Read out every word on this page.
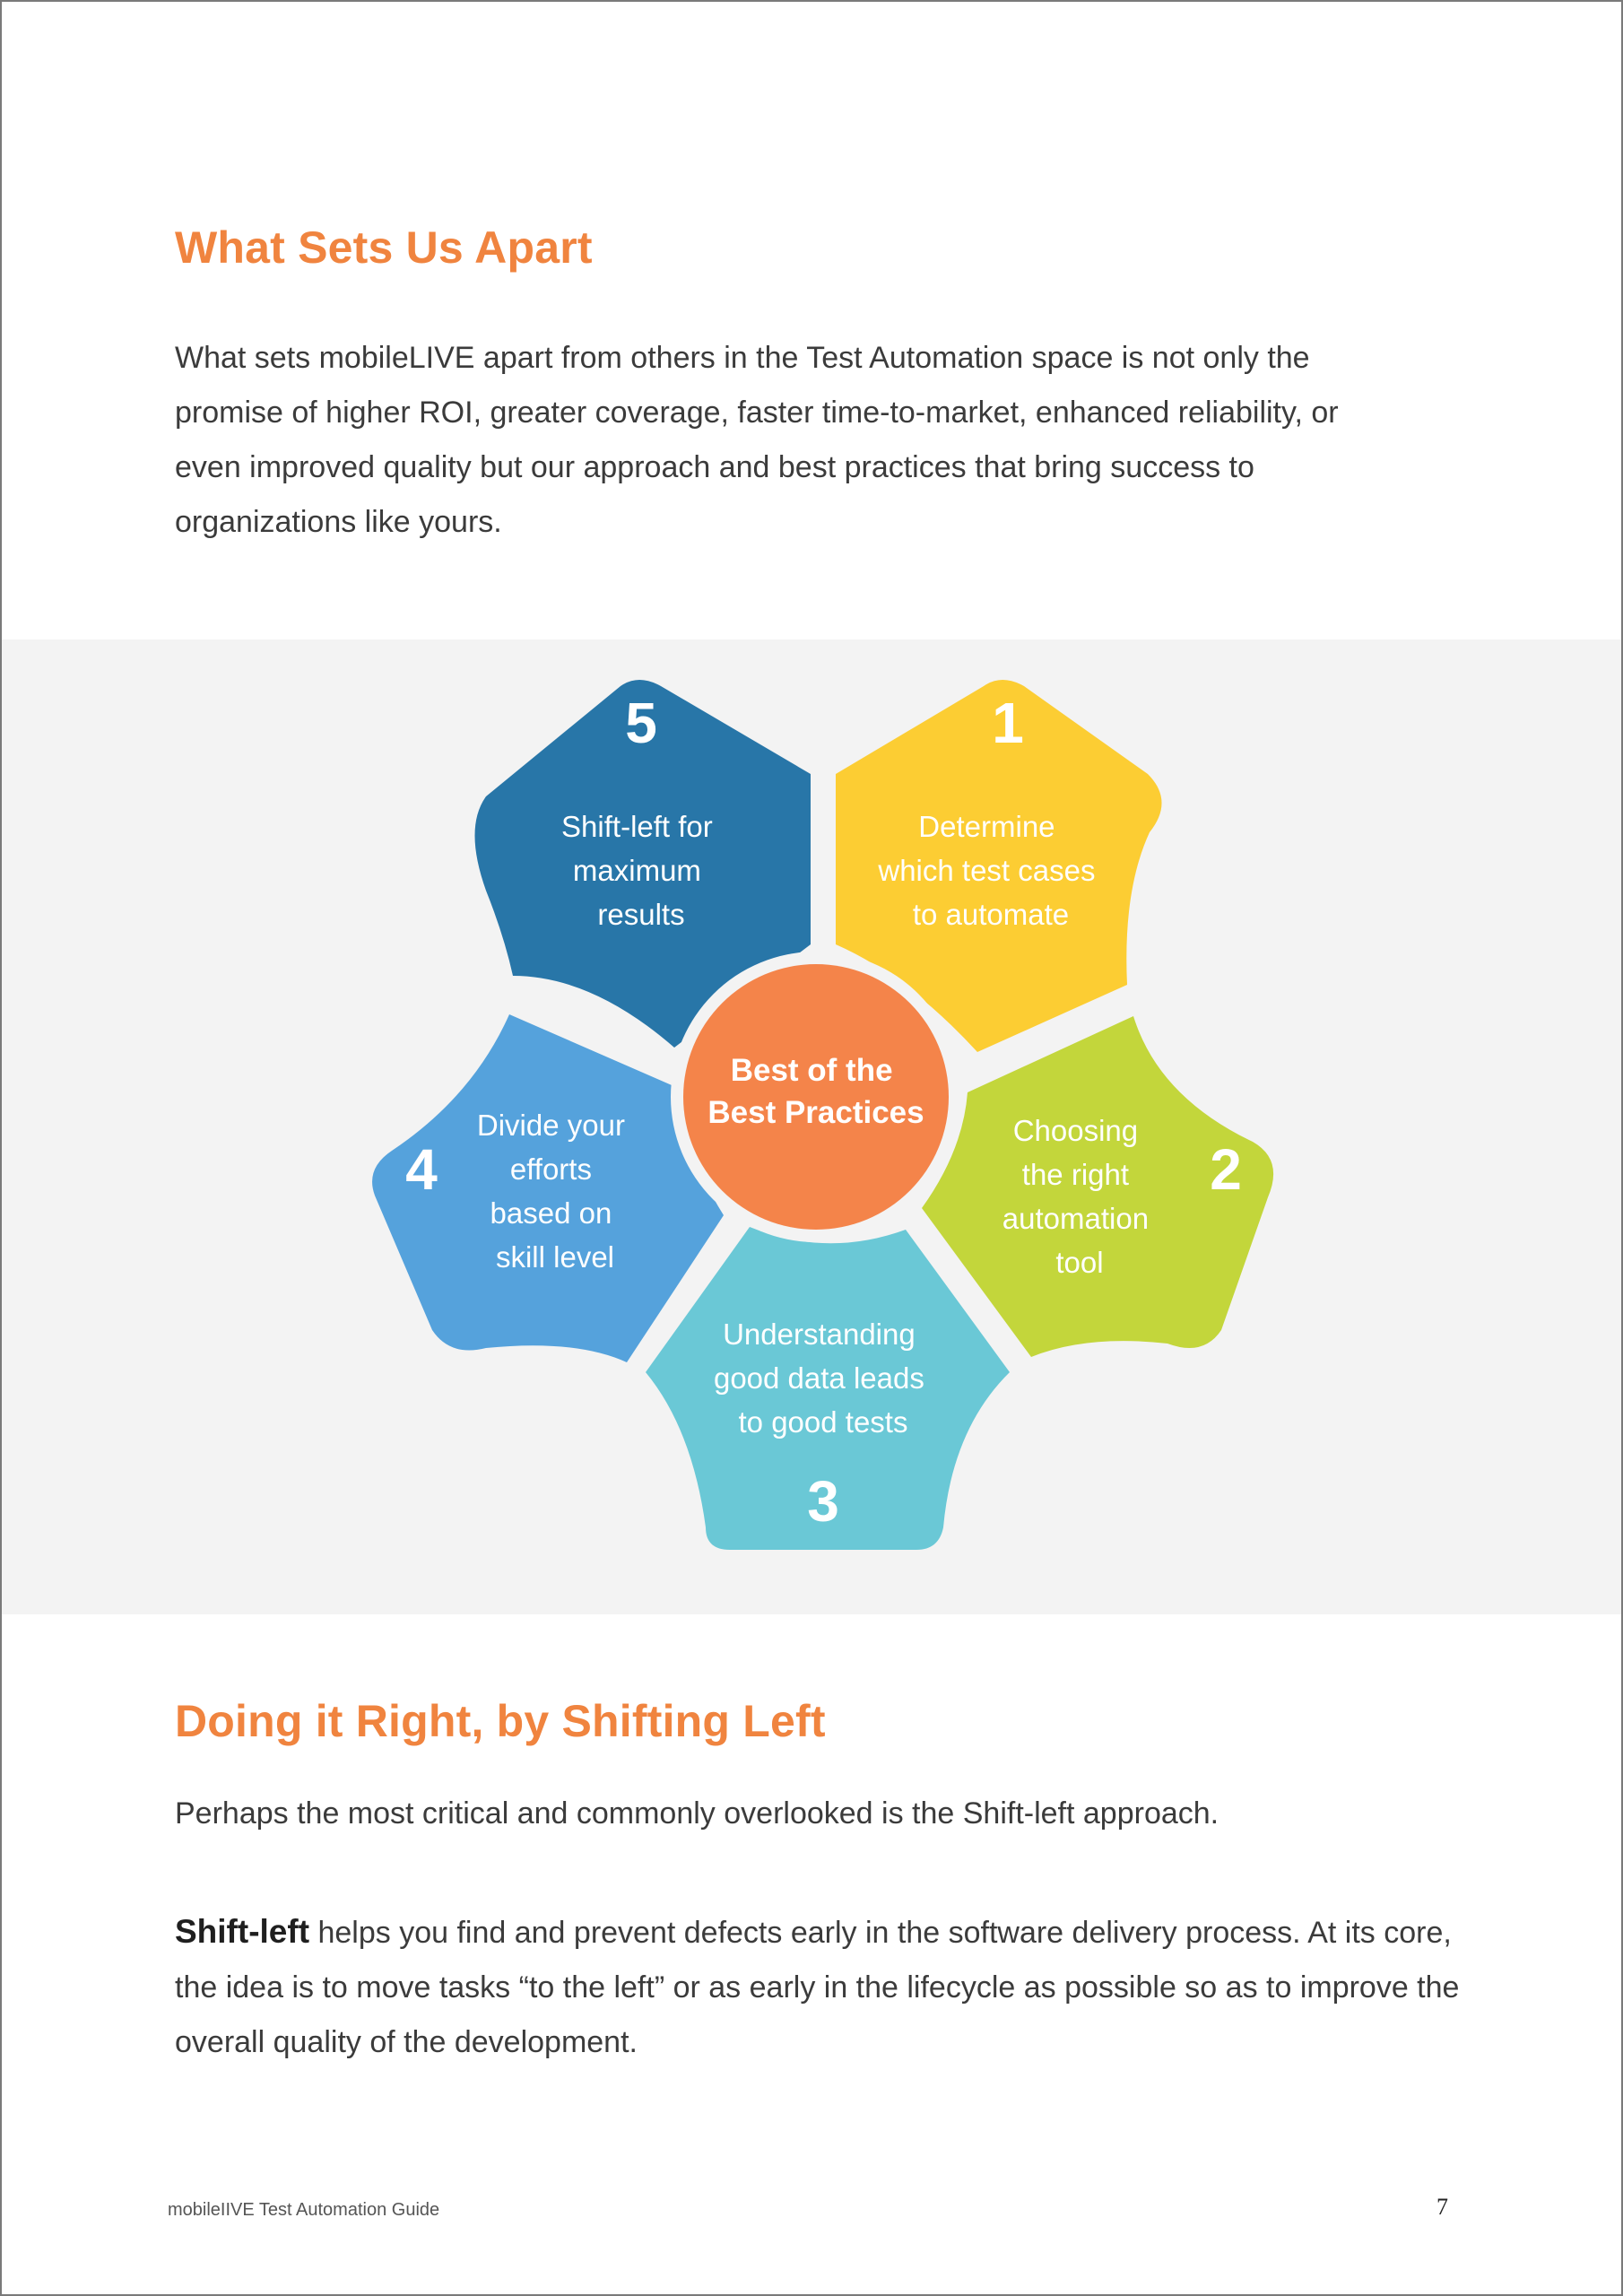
What Sets Us Apart

What sets mobileLIVE apart from others in the Test Automation space is not only the promise of higher ROI, greater coverage, faster time-to-market, enhanced reliability, or even improved quality but our approach and best practices that bring success to organizations like yours.

Best of the Best Practices
5
Shift-left for maximum results
1
Determine which test cases to automate
2
Choosing the right automation tool
Understanding good data leads to good tests
3
4
Divide your efforts based on skill level
Doing it Right, by Shifting Left

Perhaps the most critical and commonly overlooked is the Shift-left approach.

Shift-left helps you find and prevent defects early in the software delivery process. At its core, the idea is to move tasks “to the left” or as early in the lifecycle as possible so as to improve the overall quality of the development.

mobileIIVE Test Automation Guide	7
